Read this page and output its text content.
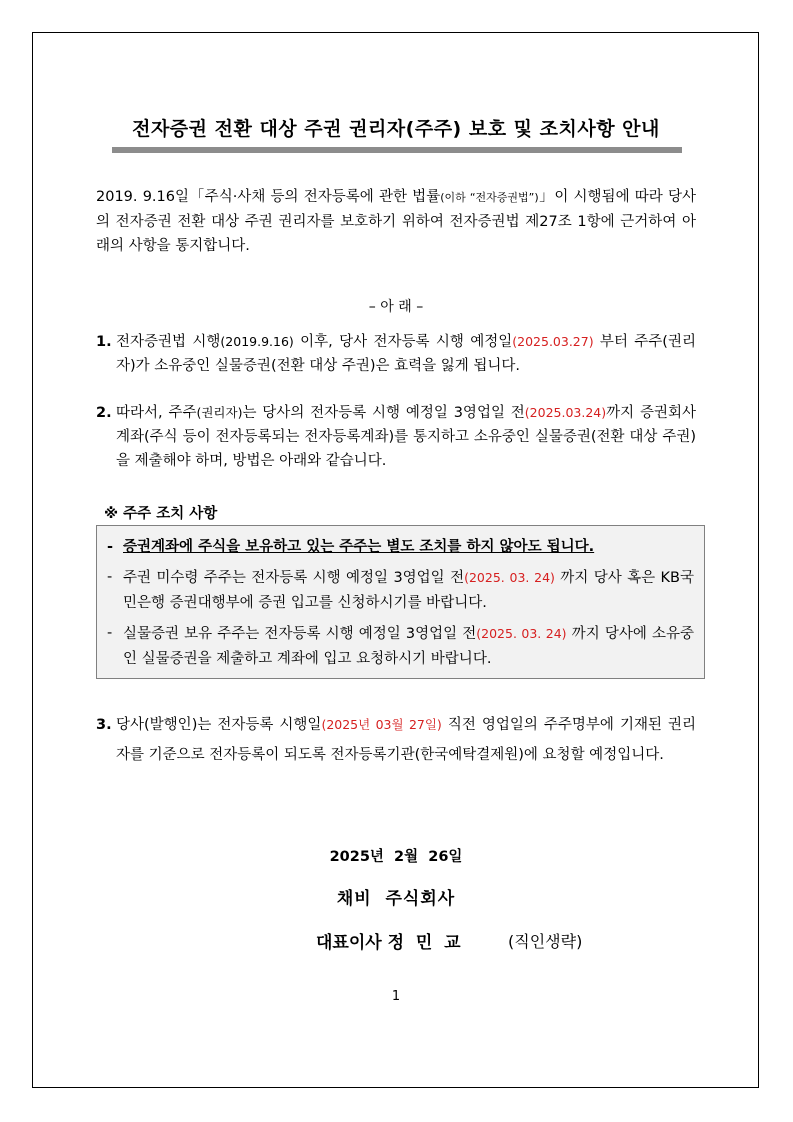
전자증권 전환 대상 주권 권리자(주주) 보호 및 조치사항 안내
2019. 9.16일「주식·사채 등의 전자등록에 관한 법률(이하 “전자증권법”)」이 시행됨에 따라 당사의 전자증권 전환 대상 주권 권리자를 보호하기 위하여 전자증권법 제27조 1항에 근거하여 아래의 사항을 통지합니다.
– 아 래 –
1. 전자증권법 시행(2019.9.16) 이후, 당사 전자등록 시행 예정일(2025.03.27) 부터 주주(권리자)가 소유중인 실물증권(전환 대상 주권)은 효력을 잃게 됩니다.
2. 따라서, 주주(권리자)는 당사의 전자등록 시행 예정일 3영업일 전(2025.03.24)까지 증권회사 계좌(주식 등이 전자등록되는 전자등록계좌)를 통지하고 소유중인 실물증권(전환 대상 주권)을 제출해야 하며, 방법은 아래와 같습니다.
※ 주주 조치 사항
- 증권계좌에 주식을 보유하고 있는 주주는 별도 조치를 하지 않아도 됩니다.
- 주권 미수령 주주는 전자등록 시행 예정일 3영업일 전(2025. 03. 24) 까지 당사 혹은 KB국민은행 증권대행부에 증권 입고를 신청하시기를 바랍니다.
- 실물증권 보유 주주는 전자등록 시행 예정일 3영업일 전(2025. 03. 24) 까지 당사에 소유중인 실물증권을 제출하고 계좌에 입고 요청하시기 바랍니다.
3. 당사(발행인)는 전자등록 시행일(2025년 03월 27일) 직전 영업일의 주주명부에 기재된 권리자를 기준으로 전자등록이 되도록 전자등록기관(한국예탁결제원)에 요청할 예정입니다.
2025년  2월  26일
채비  주식회사
대표이사 정  민  교	(직인생략)
1
